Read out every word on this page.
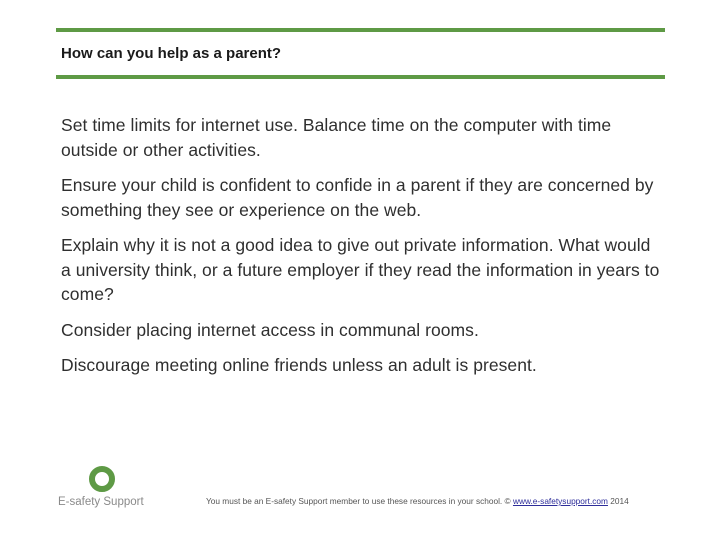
How can you help as a parent?
Set time limits for internet use. Balance time on the computer with time outside or other activities.
Ensure your child is confident to confide in a parent if they are concerned by something they see or experience on the web.
Explain why it is not a good idea to give out private information. What would a university think, or a future employer if they read the information in years to come?
Consider placing internet access in communal rooms.
Discourage meeting online friends unless an adult is present.
E-safety Support	You must be an E-safety Support member to use these resources in your school. © www.e-safetysupport.com 2014
